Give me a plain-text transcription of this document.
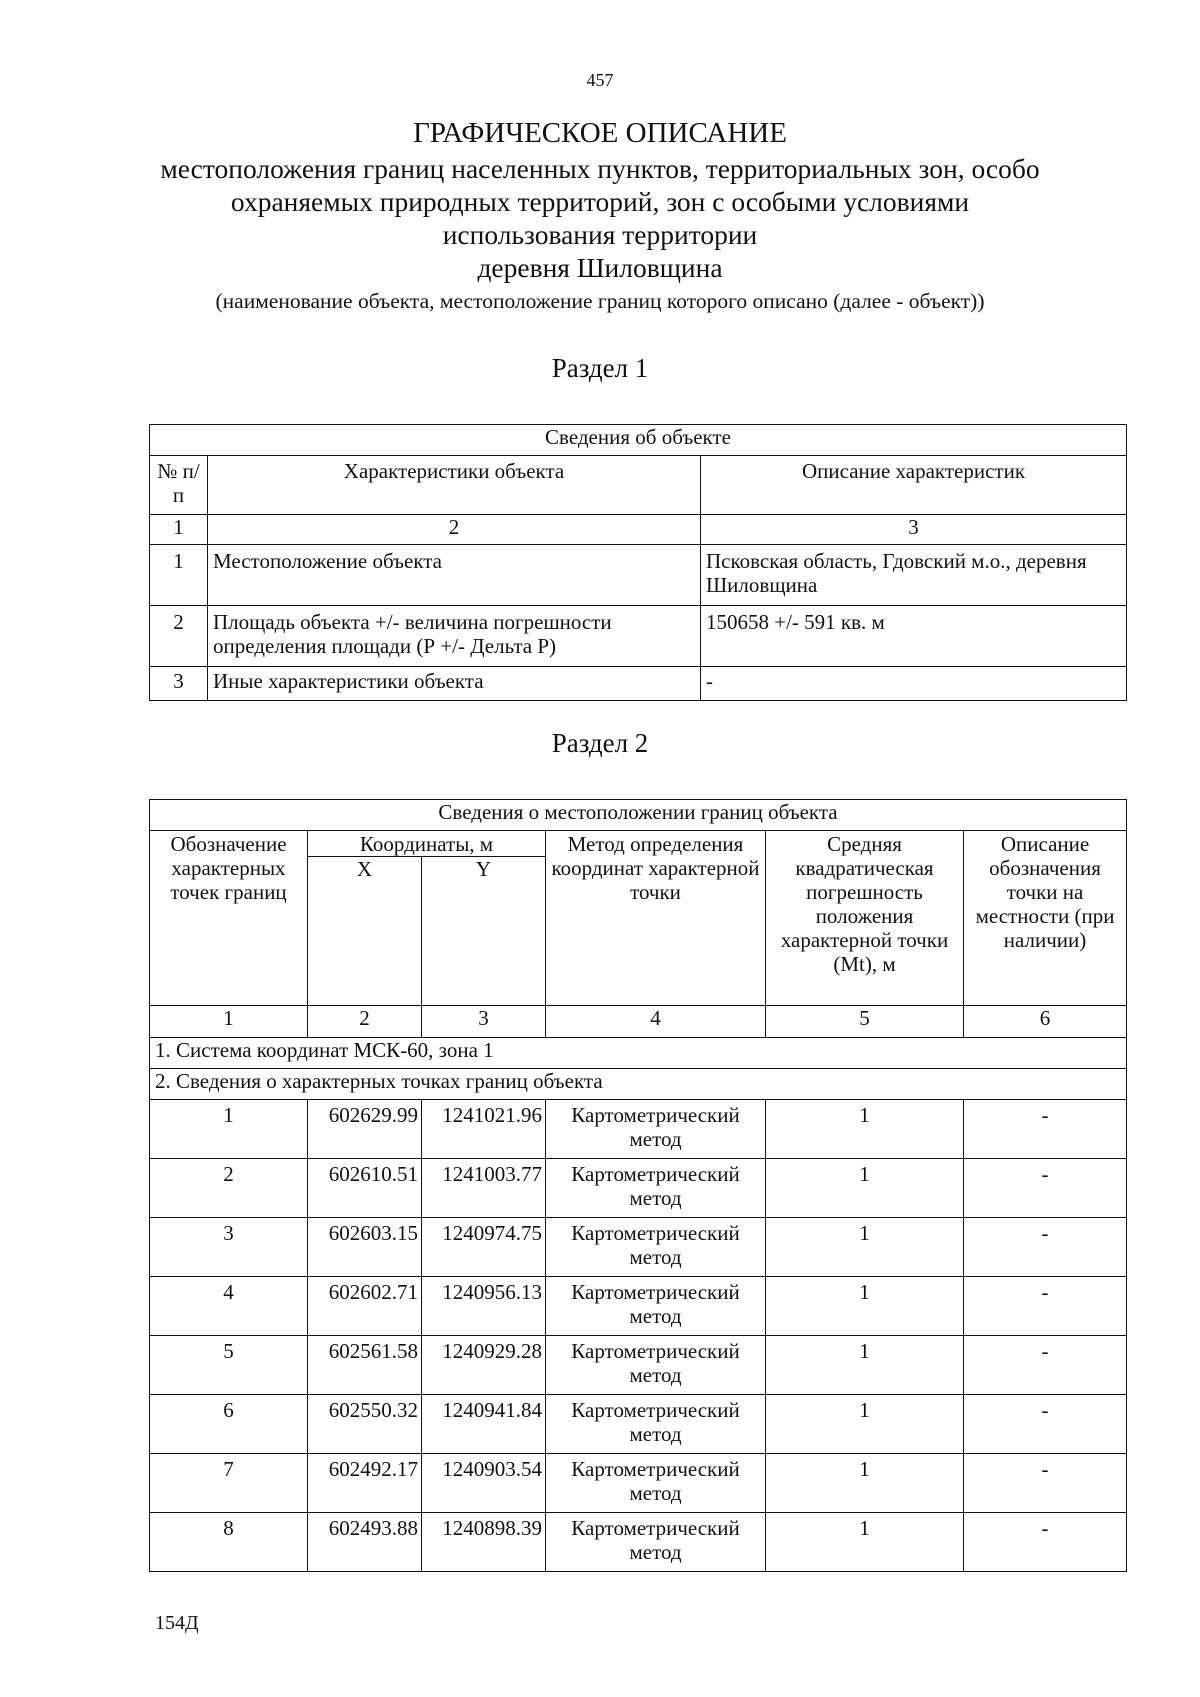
457
ГРАФИЧЕСКОЕ ОПИСАНИЕ
местоположения границ населенных пунктов, территориальных зон, особо
охраняемых природных территорий, зон с особыми условиями
использования территории
деревня Шиловщина
(наименование объекта, местоположение границ которого описано (далее - объект))
Раздел 1
Сведения об объекте		
№ п/п	Характеристики объекта	Описание характеристик
1	2	3
1	Местоположение объекта	Псковская область, Гдовский м.о., деревня Шиловщина
2	Площадь объекта +/- величина погрешности определения площади (Р +/- Дельта Р)	150658 +/- 591 кв. м
3	Иные характеристики объекта	-
Раздел 2
Сведения о местоположении границ объекта					
Обозначение характерных точек границ	Координаты, м		Метод определения координат характерной точки	Средняя квадратическая погрешность положения характерной точки (Mt), м	Описание обозначения точки на местности (при наличии)
	X	Y			
1	2	3	4	5	6
1. Система координат МСК-60, зона 1					
2. Сведения о характерных точках границ объекта					
1	602629.99	1241021.96	Картометрический метод	1	-
2	602610.51	1241003.77	Картометрический метод	1	-
3	602603.15	1240974.75	Картометрический метод	1	-
4	602602.71	1240956.13	Картометрический метод	1	-
5	602561.58	1240929.28	Картометрический метод	1	-
6	602550.32	1240941.84	Картометрический метод	1	-
7	602492.17	1240903.54	Картометрический метод	1	-
8	602493.88	1240898.39	Картометрический метод	1	-
154Д
